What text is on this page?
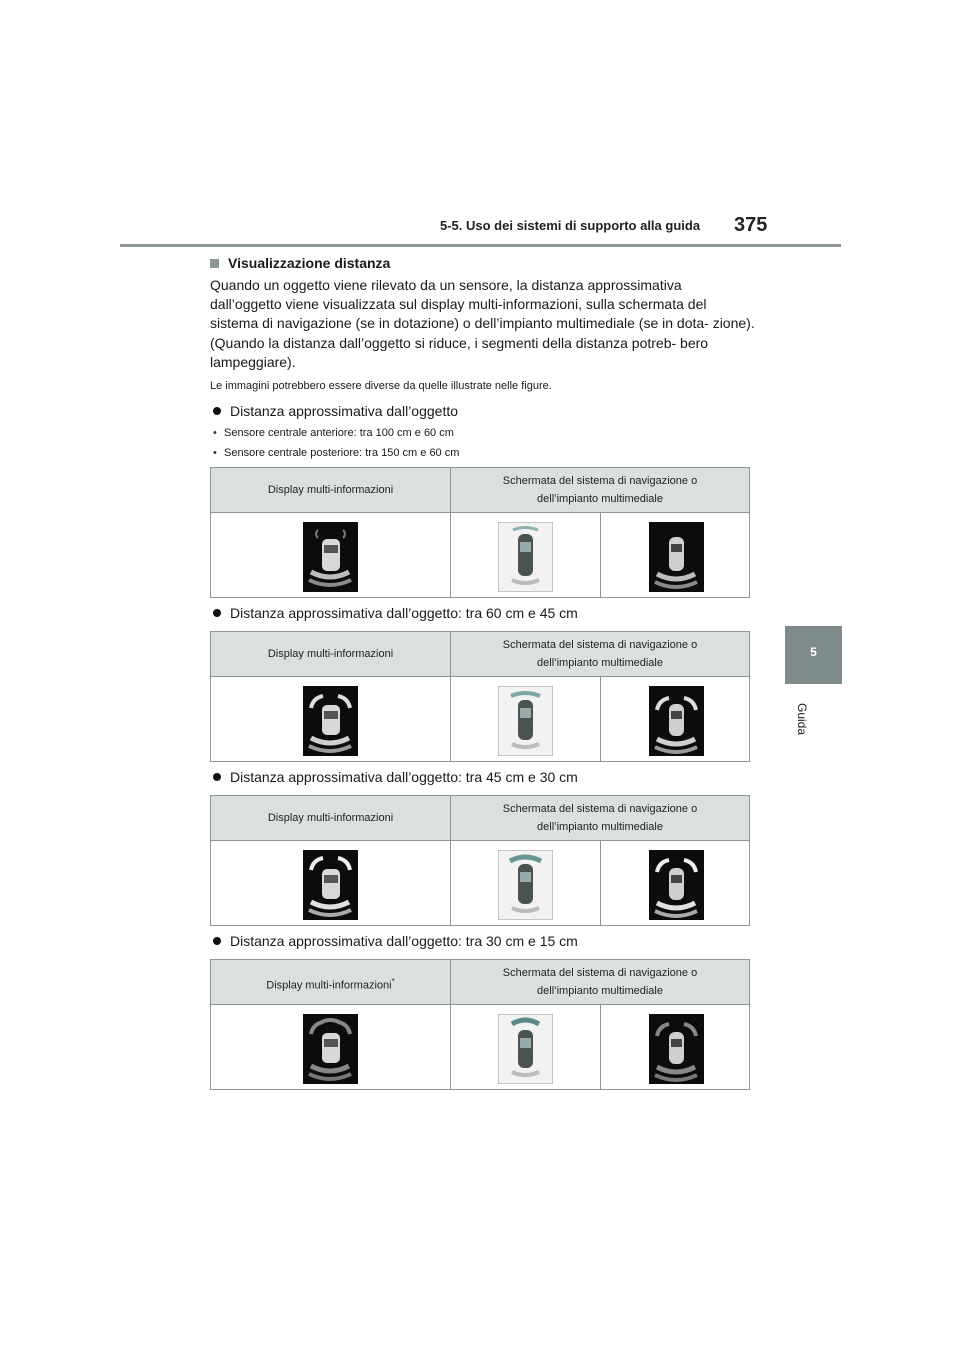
5-5. Uso dei sistemi di supporto alla guida 375
5
Guida
Visualizzazione distanza
Quando un oggetto viene rilevato da un sensore, la distanza approssimativa dall’oggetto viene visualizzata sul display multi-informazioni, sulla schermata del sistema di navigazione (se in dotazione) o dell’impianto multimediale (se in dota- zione). (Quando la distanza dall’oggetto si riduce, i segmenti della distanza potreb- bero lampeggiare).
Le immagini potrebbero essere diverse da quelle illustrate nelle figure.
Distanza approssimativa dall’oggetto
• Sensore centrale anteriore: tra 100 cm e 60 cm
• Sensore centrale posteriore: tra 150 cm e 60 cm
Display multi-informazioni
Schermata del sistema di navigazione o
dell’impianto multimediale
Distanza approssimativa dall’oggetto: tra 60 cm e 45 cm
Display multi-informazioni
Schermata del sistema di navigazione o
dell’impianto multimediale
Distanza approssimativa dall’oggetto: tra 45 cm e 30 cm
Display multi-informazioni
Schermata del sistema di navigazione o
dell’impianto multimediale
Distanza approssimativa dall’oggetto: tra 30 cm e 15 cm
Display multi-informazioni*
Schermata del sistema di navigazione o
dell’impianto multimediale
